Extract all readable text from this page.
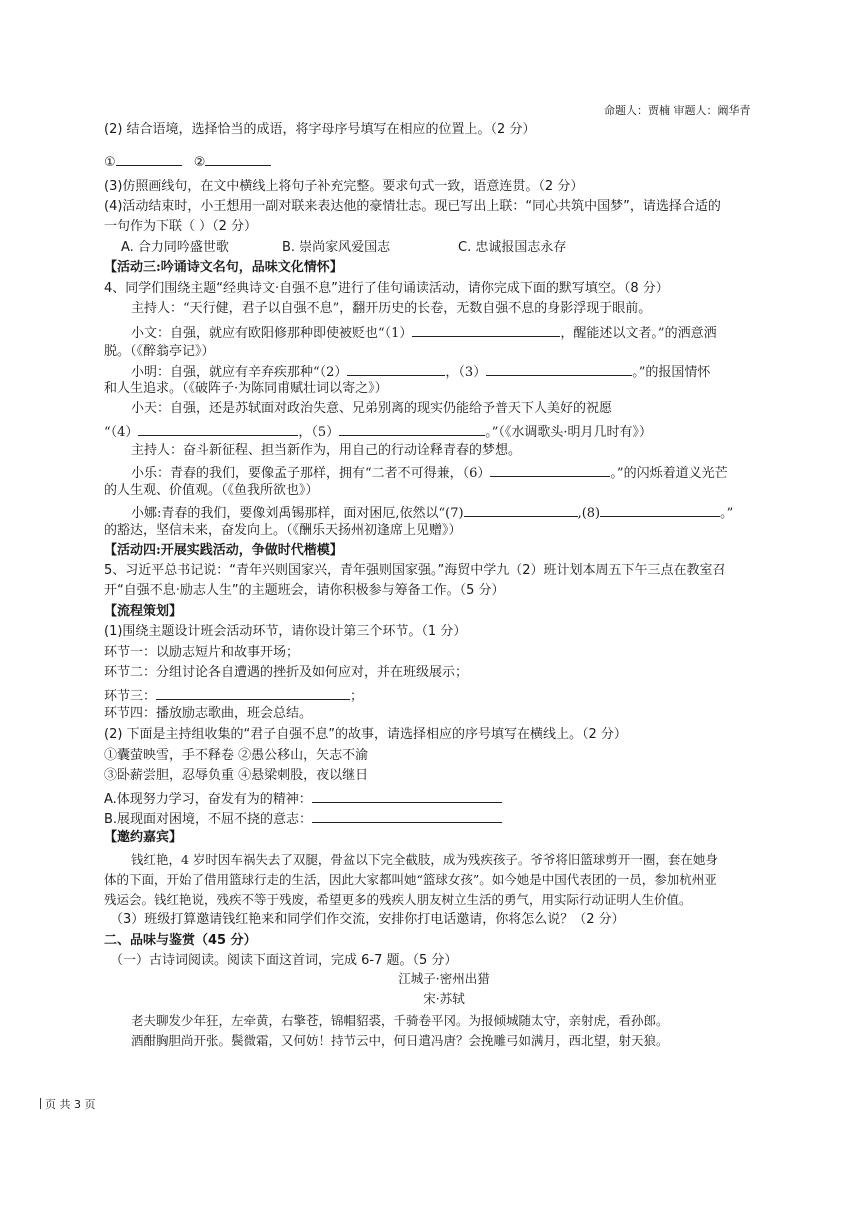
命题人：贾楠 审题人：阚华青
(2) 结合语境，选择恰当的成语，将字母序号填写在相应的位置上。（2 分）
①	②
(3)仿照画线句，在文中横线上将句子补充完整。要求句式一致，语意连贯。（2 分）
(4)活动结束时，小王想用一副对联来表达他的豪情壮志。现已写出上联：“同心共筑中国梦”，请选择合适的
一句作为下联（ ）（2 分）
A. 合力同吟盛世歌	B. 崇尚家风爱国志	C. 忠诚报国志永存
【活动三:吟诵诗文名句，品味文化情怀】
4、同学们围绕主题“经典诗文·自强不息”进行了佳句诵读活动，请你完成下面的默写填空。（8 分）
主持人：“天行健，君子以自强不息”，翻开历史的长卷，无数自强不息的身影浮现于眼前。
小文：自强，就应有欧阳修那种即使被贬也“（1）	，醒能述以文者。”的洒意洒
脱。（《醉翁亭记》）
小明：自强，就应有辛弃疾那种“（2）	，（3）	。”的报国情怀
和人生追求。（《破阵子·为陈同甫赋壮词以寄之》）
小天：自强，还是苏轼面对政治失意、兄弟别离的现实仍能给予普天下人美好的祝愿
“（4）	，（5）	。”（《水调歌头·明月几时有》）
主持人：奋斗新征程、担当新作为，用自己的行动诠释青春的梦想。
小乐：青春的我们，要像孟子那样，拥有“二者不可得兼，（6）	。”的闪烁着道义光芒
的人生观、价值观。（《鱼我所欲也》）
小娜:青春的我们，要像刘禹锡那样，面对困厄,依然以“(7)	,(8)	。”
的豁达，坚信未来，奋发向上。（《酬乐天扬州初逢席上见赠》）
【活动四:开展实践活动，争做时代楷模】
5、习近平总书记说：“青年兴则国家兴，青年强则国家强。”海贸中学九（2）班计划本周五下午三点在教室召
开“自强不息·励志人生”的主题班会，请你积极参与筹备工作。（5 分）
【流程策划】
(1)围绕主题设计班会活动环节，请你设计第三个环节。（1 分）
环节一：以励志短片和故事开场；
环节二：分组讨论各自遭遇的挫折及如何应对，并在班级展示；
环节三：	；
环节四：播放励志歌曲，班会总结。
(2) 下面是主持组收集的“君子自强不息”的故事，请选择相应的序号填写在横线上。（2 分）
①囊萤映雪，手不释卷 ②愚公移山，矢志不渝
③卧薪尝胆，忍辱负重 ④悬梁刺股，夜以继日
A.体现努力学习，奋发有为的精神：
B.展现面对困境，不屈不挠的意志：
【邀约嘉宾】
钱红艳，4 岁时因车祸失去了双腿，骨盆以下完全截肢，成为残疾孩子。爷爷将旧篮球剪开一圈，套在她身
体的下面，开始了借用篮球行走的生活，因此大家都叫她“篮球女孩”。如今她是中国代表团的一员，参加杭州亚
残运会。钱红艳说，残疾不等于残废，希望更多的残疾人朋友树立生活的勇气，用实际行动证明人生价值。
（3）班级打算邀请钱红艳来和同学们作交流，安排你打电话邀请，你将怎么说？（2 分）
二、品味与鉴赏（45 分）
（一）古诗词阅读。阅读下面这首词，完成 6-7 题。（5 分）
江城子·密州出猎
宋·苏轼
老夫聊发少年狂，左牵黄，右擎苍，锦帽貂裘，千骑卷平冈。为报倾城随太守，亲射虎，看孙郎。
酒酣胸胆尚开张。鬓微霜，又何妨！持节云中，何日遣冯唐？会挽雕弓如满月，西北望，射天狼。
页 共 3 页
